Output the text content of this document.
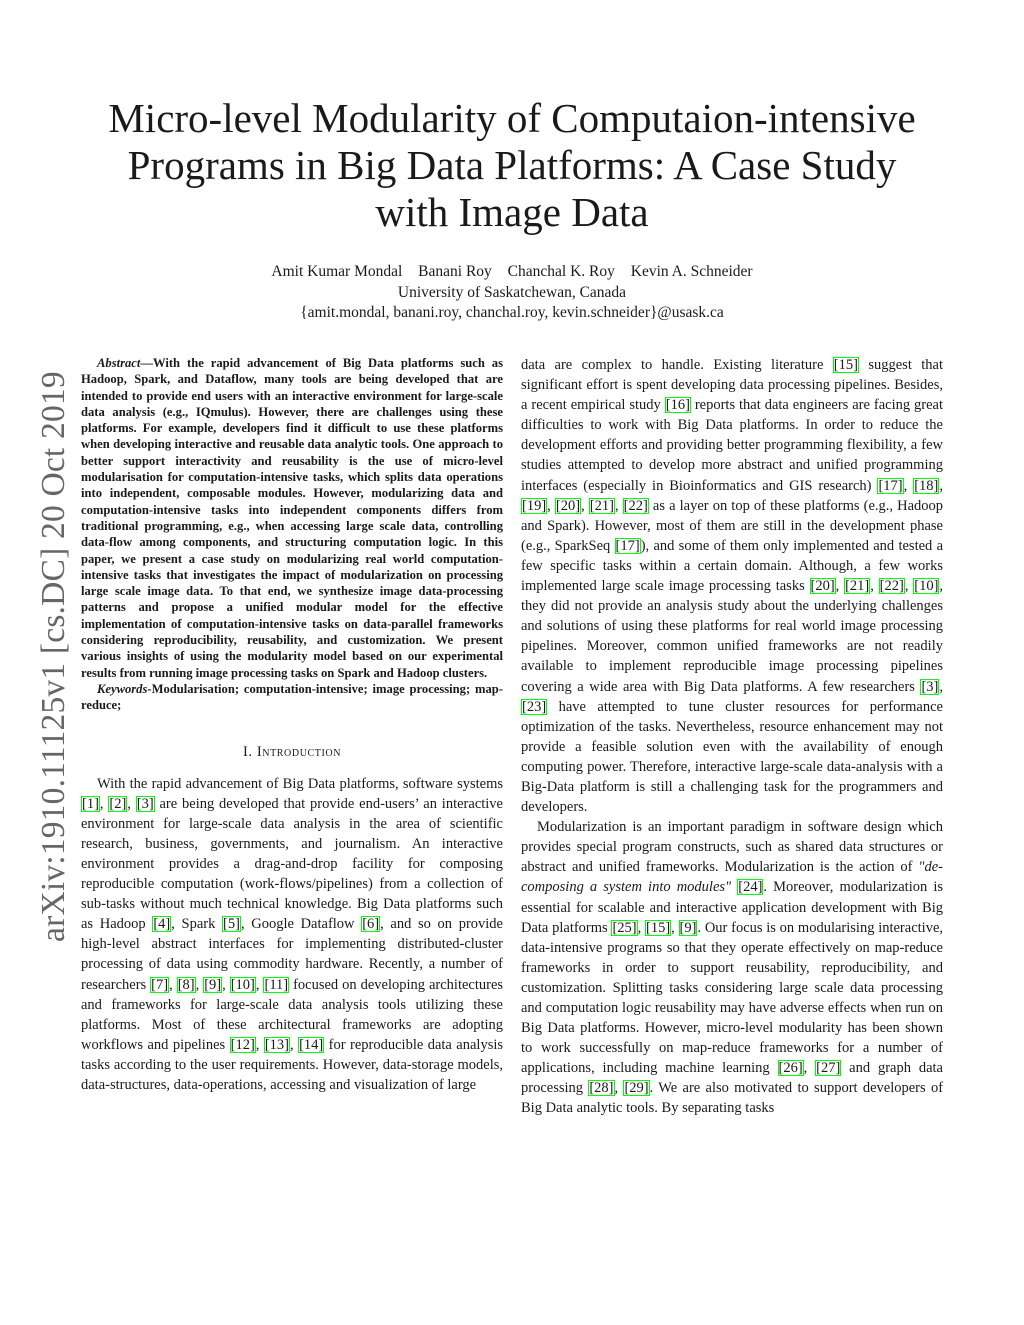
arXiv:1910.11125v1 [cs.DC] 20 Oct 2019
Micro-level Modularity of Computaion-intensive
Programs in Big Data Platforms: A Case Study
with Image Data
Amit Kumar Mondal Banani Roy Chanchal K. Roy Kevin A. Schneider
University of Saskatchewan, Canada
{amit.mondal, banani.roy, chanchal.roy, kevin.schneider}@usask.ca

Abstract—With the rapid advancement of Big Data platforms such as Hadoop, Spark, and Dataflow, many tools are being developed that are intended to provide end users with an interactive environment for large-scale data analysis (e.g., IQmulus). However, there are challenges using these platforms. For example, developers find it difficult to use these platforms when developing interactive and reusable data analytic tools. One approach to better support interactivity and reusability is the use of micro-level modularisation for computation-intensive tasks, which splits data operations into independent, composable modules. However, modularizing data and computation-intensive tasks into independent components differs from traditional programming, e.g., when accessing large scale data, controlling data-flow among components, and structuring computation logic. In this paper, we present a case study on modularizing real world computation-intensive tasks that investigates the impact of modularization on processing large scale image data. To that end, we synthesize image data-processing patterns and propose a unified modular model for the effective implementation of computation-intensive tasks on data-parallel frameworks considering reproducibility, reusability, and customization. We present various insights of using the modularity model based on our experimental results from running image processing tasks on Spark and Hadoop clusters.

Keywords-Modularisation; computation-intensive; image processing; map-reduce;

I. Introduction

With the rapid advancement of Big Data platforms, software systems [1], [2], [3] are being developed that provide end-users’ an interactive environment for large-scale data analysis in the area of scientific research, business, governments, and journalism. An interactive environment provides a drag-and-drop facility for composing reproducible computation (work-flows/pipelines) from a collection of sub-tasks without much technical knowledge. Big Data platforms such as Hadoop [4], Spark [5], Google Dataflow [6], and so on provide high-level abstract interfaces for implementing distributed-cluster processing of data using commodity hardware. Recently, a number of researchers [7], [8], [9], [10], [11] focused on developing architectures and frameworks for large-scale data analysis tools utilizing these platforms. Most of these architectural frameworks are adopting workflows and pipelines [12], [13], [14] for reproducible data analysis tasks according to the user requirements. However, data-storage models, data-structures, data-operations, accessing and visualization of large

data are complex to handle. Existing literature [15] suggest that significant effort is spent developing data processing pipelines. Besides, a recent empirical study [16] reports that data engineers are facing great difficulties to work with Big Data platforms. In order to reduce the development efforts and providing better programming flexibility, a few studies attempted to develop more abstract and unified programming interfaces (especially in Bioinformatics and GIS research) [17], [18], [19], [20], [21], [22] as a layer on top of these platforms (e.g., Hadoop and Spark). However, most of them are still in the development phase (e.g., SparkSeq [17]), and some of them only implemented and tested a few specific tasks within a certain domain. Although, a few works implemented large scale image processing tasks [20], [21], [22], [10], they did not provide an analysis study about the underlying challenges and solutions of using these platforms for real world image processing pipelines. Moreover, common unified frameworks are not readily available to implement reproducible image processing pipelines covering a wide area with Big Data platforms. A few researchers [3], [23] have attempted to tune cluster resources for performance optimization of the tasks. Nevertheless, resource enhancement may not provide a feasible solution even with the availability of enough computing power. Therefore, interactive large-scale data-analysis with a Big-Data platform is still a challenging task for the programmers and developers.

Modularization is an important paradigm in software design which provides special program constructs, such as shared data structures or abstract and unified frameworks. Modularization is the action of "de-composing a system into modules" [24]. Moreover, modularization is essential for scalable and interactive application development with Big Data platforms [25], [15], [9]. Our focus is on modularising interactive, data-intensive programs so that they operate effectively on map-reduce frameworks in order to support reusability, reproducibility, and customization. Splitting tasks considering large scale data processing and computation logic reusability may have adverse effects when run on Big Data platforms. However, micro-level modularity has been shown to work successfully on map-reduce frameworks for a number of applications, including machine learning [26], [27] and graph data processing [28], [29]. We are also motivated to support developers of Big Data analytic tools. By separating tasks
